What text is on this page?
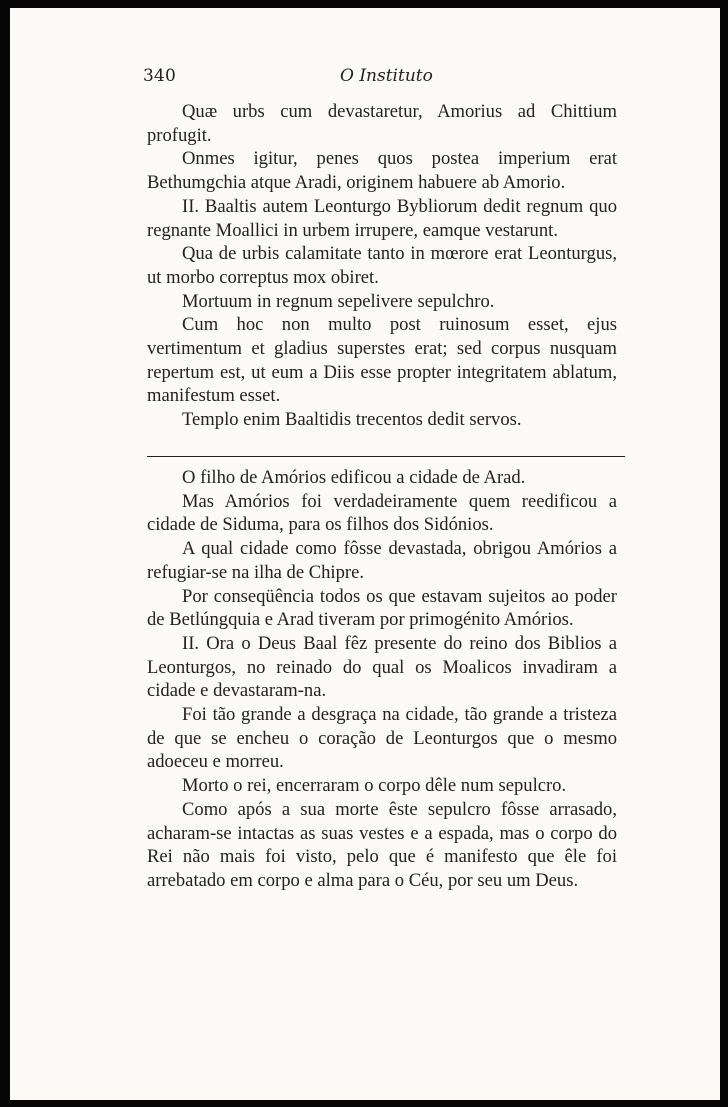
340	O Instituto

Quæ urbs cum devastaretur, Amorius ad Chittium profugit.

Onmes igitur, penes quos postea imperium erat Bethumgchia atque Aradi, originem habuere ab Amorio.

II. Baaltis autem Leonturgo Bybliorum dedit regnum quo regnante Moallici in urbem irrupere, eamque vestarunt.

Qua de urbis calamitate tanto in mœrore erat Leonturgus, ut morbo correptus mox obiret.

Mortuum in regnum sepelivere sepulchro.

Cum hoc non multo post ruinosum esset, ejus vertimentum et gladius superstes erat; sed corpus nusquam repertum est, ut eum a Diis esse propter integritatem ablatum, manifestum esset.

Templo enim Baaltidis trecentos dedit servos.

O filho de Amórios edificou a cidade de Arad.

Mas Amórios foi verdadeiramente quem reedificou a cidade de Siduma, para os filhos dos Sidónios.

A qual cidade como fôsse devastada, obrigou Amórios a refugiar-se na ilha de Chipre.

Por conseqüência todos os que estavam sujeitos ao poder de Betlúngquia e Arad tiveram por primogénito Amórios.

II. Ora o Deus Baal fêz presente do reino dos Biblios a Leonturgos, no reinado do qual os Moalicos invadiram a cidade e devastaram-na.

Foi tão grande a desgraça na cidade, tão grande a tristeza de que se encheu o coração de Leonturgos que o mesmo adoeceu e morreu.

Morto o rei, encerraram o corpo dêle num sepulcro.

Como após a sua morte êste sepulcro fôsse arrasado, acharam-se intactas as suas vestes e a espada, mas o corpo do Rei não mais foi visto, pelo que é manifesto que êle foi arrebatado em corpo e alma para o Céu, por seu um Deus.
